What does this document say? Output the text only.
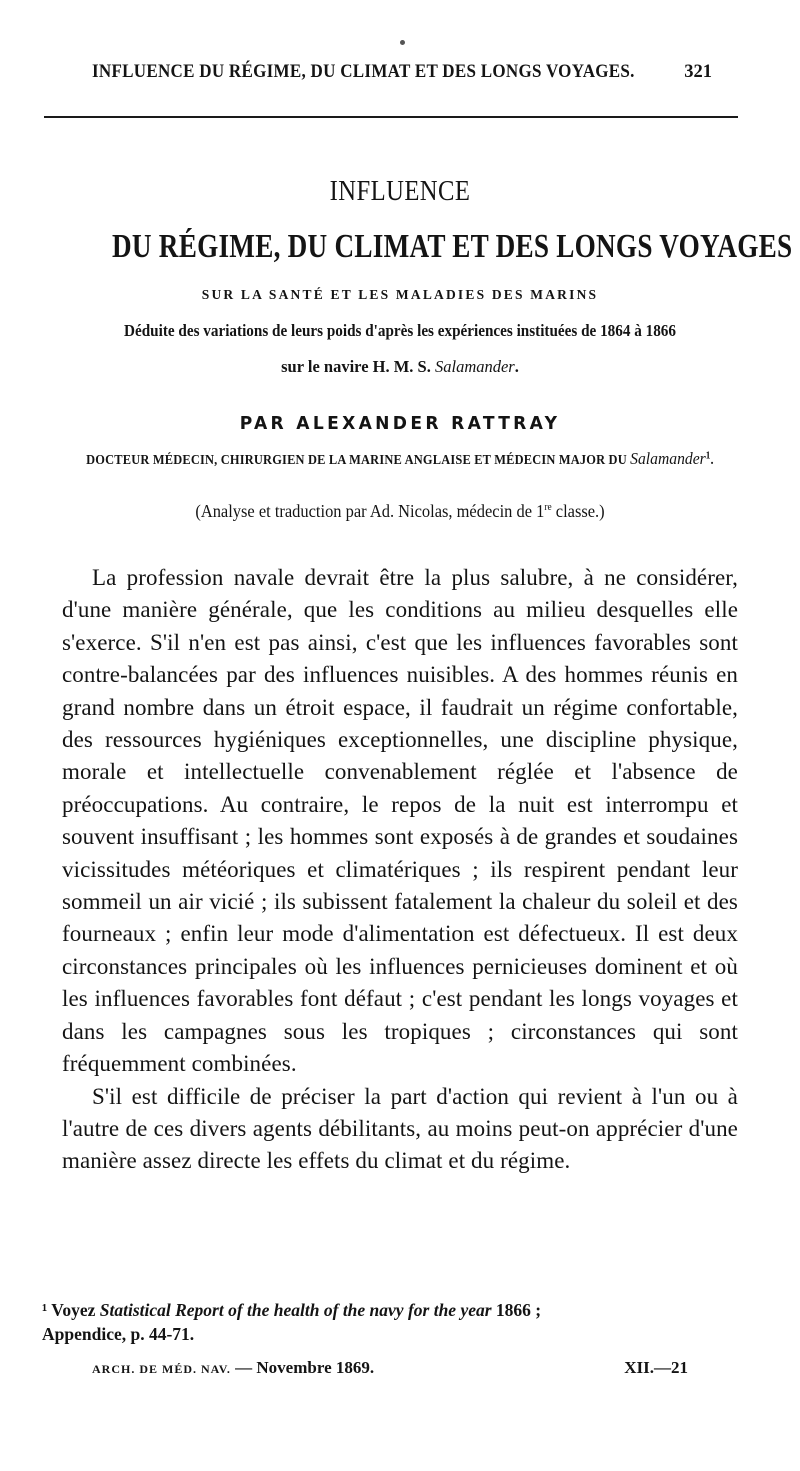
INFLUENCE DU RÉGIME, DU CLIMAT ET DES LONGS VOYAGES.	321
INFLUENCE
DU RÉGIME, DU CLIMAT ET DES LONGS VOYAGES
SUR LA SANTÉ ET LES MALADIES DES MARINS
Déduite des variations de leurs poids d'après les expériences instituées de 1864 à 1866
sur le navire H. M. S. Salamander.
PAR ALEXANDER RATTRAY
DOCTEUR MÉDECIN, CHIRURGIEN DE LA MARINE ANGLAISE ET MÉDECIN MAJOR DU Salamander$^1$.
(Analyse et traduction par Ad. Nicolas, médecin de 1re classe.)

La profession navale devrait être la plus salubre, à ne considérer, d'une manière générale, que les conditions au milieu desquelles elle s'exerce. S'il n'en est pas ainsi, c'est que les influences favorables sont contre-balancées par des influences nuisibles. A des hommes réunis en grand nombre dans un étroit espace, il faudrait un régime confortable, des ressources hygiéniques exceptionnelles, une discipline physique, morale et intellectuelle convenablement réglée et l'absence de préoccupations. Au contraire, le repos de la nuit est interrompu et souvent insuffisant ; les hommes sont exposés à de grandes et soudaines vicissitudes météoriques et climatériques ; ils respirent pendant leur sommeil un air vicié ; ils subissent fatalement la chaleur du soleil et des fourneaux ; enfin leur mode d'alimentation est défectueux. Il est deux circonstances principales où les influences pernicieuses dominent et où les influences favorables font défaut ; c'est pendant les longs voyages et dans les campagnes sous les tropiques ; circonstances qui sont fréquemment combinées.

S'il est difficile de préciser la part d'action qui revient à l'un ou à l'autre de ces divers agents débilitants, au moins peut-on apprécier d'une manière assez directe les effets du climat et du régime.

¹ Voyez Statistical Report of the health of the navy for the year 1866 ;
Appendice, p. 44-71.
ARCH. DE MÉD. NAV. — Novembre 1869.	XII.—21
